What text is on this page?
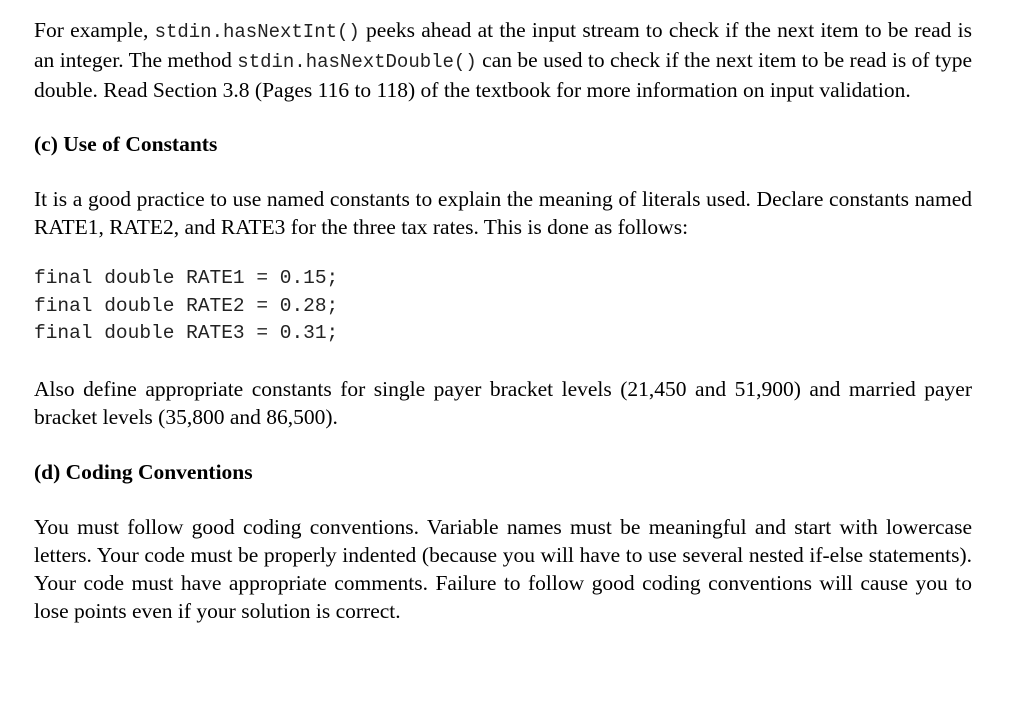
For example, stdin.hasNextInt() peeks ahead at the input stream to check if the next item to be read is an integer. The method stdin.hasNextDouble() can be used to check if the next item to be read is of type double. Read Section 3.8 (Pages 116 to 118) of the textbook for more information on input validation.

(c) Use of Constants

It is a good practice to use named constants to explain the meaning of literals used. Declare constants named RATE1, RATE2, and RATE3 for the three tax rates. This is done as follows:

final double RATE1 = 0.15;
final double RATE2 = 0.28;
final double RATE3 = 0.31;

Also define appropriate constants for single payer bracket levels (21,450 and 51,900) and married payer bracket levels (35,800 and 86,500).

(d) Coding Conventions

You must follow good coding conventions. Variable names must be meaningful and start with lowercase letters. Your code must be properly indented (because you will have to use several nested if-else statements). Your code must have appropriate comments. Failure to follow good coding conventions will cause you to lose points even if your solution is correct.
